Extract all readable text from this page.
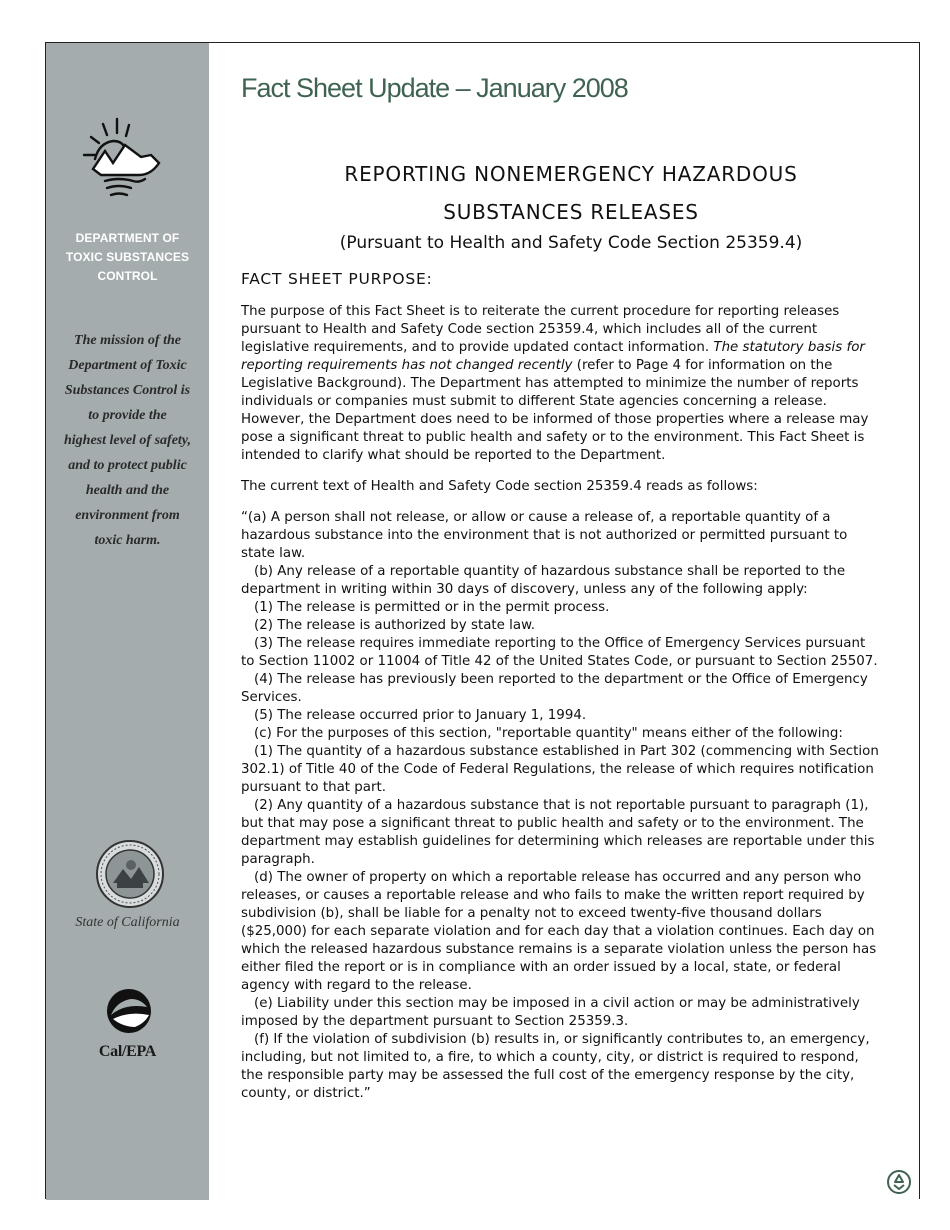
DEPARTMENT OF
TOXIC SUBSTANCES
CONTROL
The mission of the
Department of Toxic
Substances Control is
to provide the
highest level of safety,
and to protect public
health and the
environment from
toxic harm.
State of California
Cal/EPA
Fact Sheet Update – January 2008
REPORTING NONEMERGENCY HAZARDOUS
SUBSTANCES RELEASES
(Pursuant to Health and Safety Code Section 25359.4)
FACT SHEET PURPOSE:

The purpose of this Fact Sheet is to reiterate the current procedure for reporting releases pursuant to Health and Safety Code section 25359.4, which includes all of the current legislative requirements, and to provide updated contact information. The statutory basis for reporting requirements has not changed recently (refer to Page 4 for information on the Legislative Background). The Department has attempted to minimize the number of reports individuals or companies must submit to different State agencies concerning a release. However, the Department does need to be informed of those properties where a release may pose a significant threat to public health and safety or to the environment. This Fact Sheet is intended to clarify what should be reported to the Department.

The current text of Health and Safety Code section 25359.4 reads as follows:

“(a) A person shall not release, or allow or cause a release of, a reportable quantity of a hazardous substance into the environment that is not authorized or permitted pursuant to state law.
(b) Any release of a reportable quantity of hazardous substance shall be reported to the department in writing within 30 days of discovery, unless any of the following apply:
(1) The release is permitted or in the permit process.
(2) The release is authorized by state law.
(3) The release requires immediate reporting to the Office of Emergency Services pursuant to Section 11002 or 11004 of Title 42 of the United States Code, or pursuant to Section 25507.
(4) The release has previously been reported to the department or the Office of Emergency Services.
(5) The release occurred prior to January 1, 1994.
(c) For the purposes of this section, "reportable quantity" means either of the following:
(1) The quantity of a hazardous substance established in Part 302 (commencing with Section 302.1) of Title 40 of the Code of Federal Regulations, the release of which requires notification pursuant to that part.
(2) Any quantity of a hazardous substance that is not reportable pursuant to paragraph (1), but that may pose a significant threat to public health and safety or to the environment. The department may establish guidelines for determining which releases are reportable under this paragraph.
(d) The owner of property on which a reportable release has occurred and any person who releases, or causes a reportable release and who fails to make the written report required by subdivision (b), shall be liable for a penalty not to exceed twenty-five thousand dollars ($25,000) for each separate violation and for each day that a violation continues. Each day on which the released hazardous substance remains is a separate violation unless the person has either filed the report or is in compliance with an order issued by a local, state, or federal agency with regard to the release.
(e) Liability under this section may be imposed in a civil action or may be administratively imposed by the department pursuant to Section 25359.3.
(f) If the violation of subdivision (b) results in, or significantly contributes to, an emergency, including, but not limited to, a fire, to which a county, city, or district is required to respond, the responsible party may be assessed the full cost of the emergency response by the city, county, or district.”
